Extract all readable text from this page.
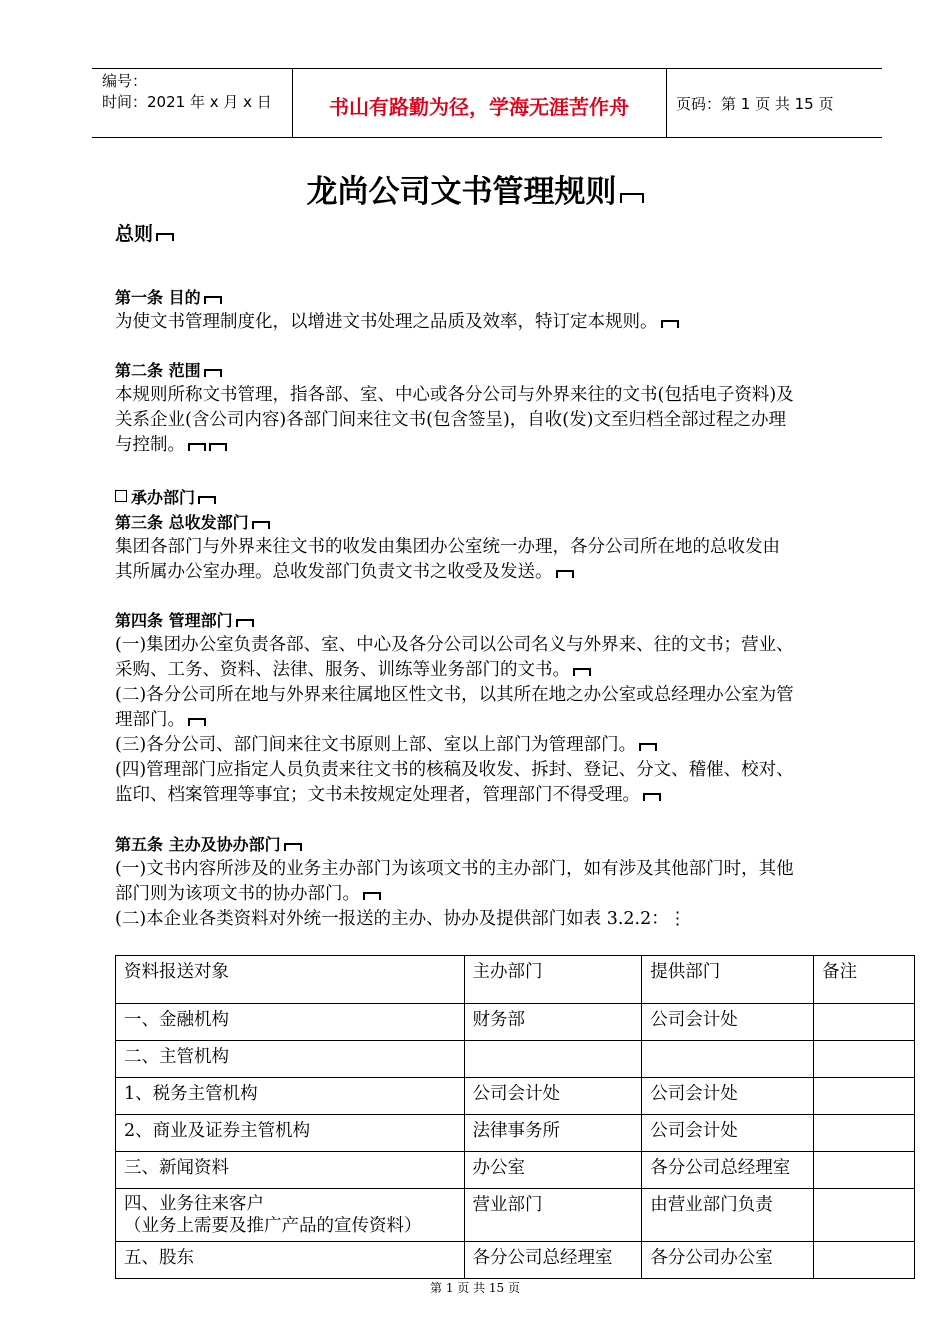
编号：
时间：2021 年 x 月 x 日	书山有路勤为径，学海无涯苦作舟	页码：第 1 页 共 15 页
龙尚公司文书管理规则
总则
第一条 目的
为使文书管理制度化，以增进文书处理之品质及效率，特订定本规则。
第二条 范围
本规则所称文书管理，指各部、室、中心或各分公司与外界来往的文书(包括电子资料)及
关系企业(含公司内容)各部门间来往文书(包含签呈)，自收(发)文至归档全部过程之办理
与控制。
承办部门
第三条 总收发部门
集团各部门与外界来往文书的收发由集团办公室统一办理，各分公司所在地的总收发由
其所属办公室办理。总收发部门负责文书之收受及发送。
第四条 管理部门
(一)集团办公室负责各部、室、中心及各分公司以公司名义与外界来、往的文书；营业、
采购、工务、资料、法律、服务、训练等业务部门的文书。
(二)各分公司所在地与外界来往属地区性文书，以其所在地之办公室或总经理办公室为管
理部门。
(三)各分公司、部门间来往文书原则上部、室以上部门为管理部门。
(四)管理部门应指定人员负责来往文书的核稿及收发、拆封、登记、分文、稽催、校对、
监印、档案管理等事宜；文书未按规定处理者，管理部门不得受理。
第五条 主办及协办部门
(一)文书内容所涉及的业务主办部门为该项文书的主办部门，如有涉及其他部门时，其他
部门则为该项文书的协办部门。
(二)本企业各类资料对外统一报送的主办、协办及提供部门如表 3.2.2：⋮
资料报送对象	主办部门	提供部门	备注
一、金融机构	财务部	公司会计处	
二、主管机构			
1、税务主管机构	公司会计处	公司会计处	
2、商业及证券主管机构	法律事务所	公司会计处	
三、新闻资料	办公室	各分公司总经理室	
四、业务往来客户
（业务上需要及推广产品的宣传资料）	营业部门	由营业部门负责	
五、股东	各分公司总经理室	各分公司办公室	
第 1 页 共 15 页
